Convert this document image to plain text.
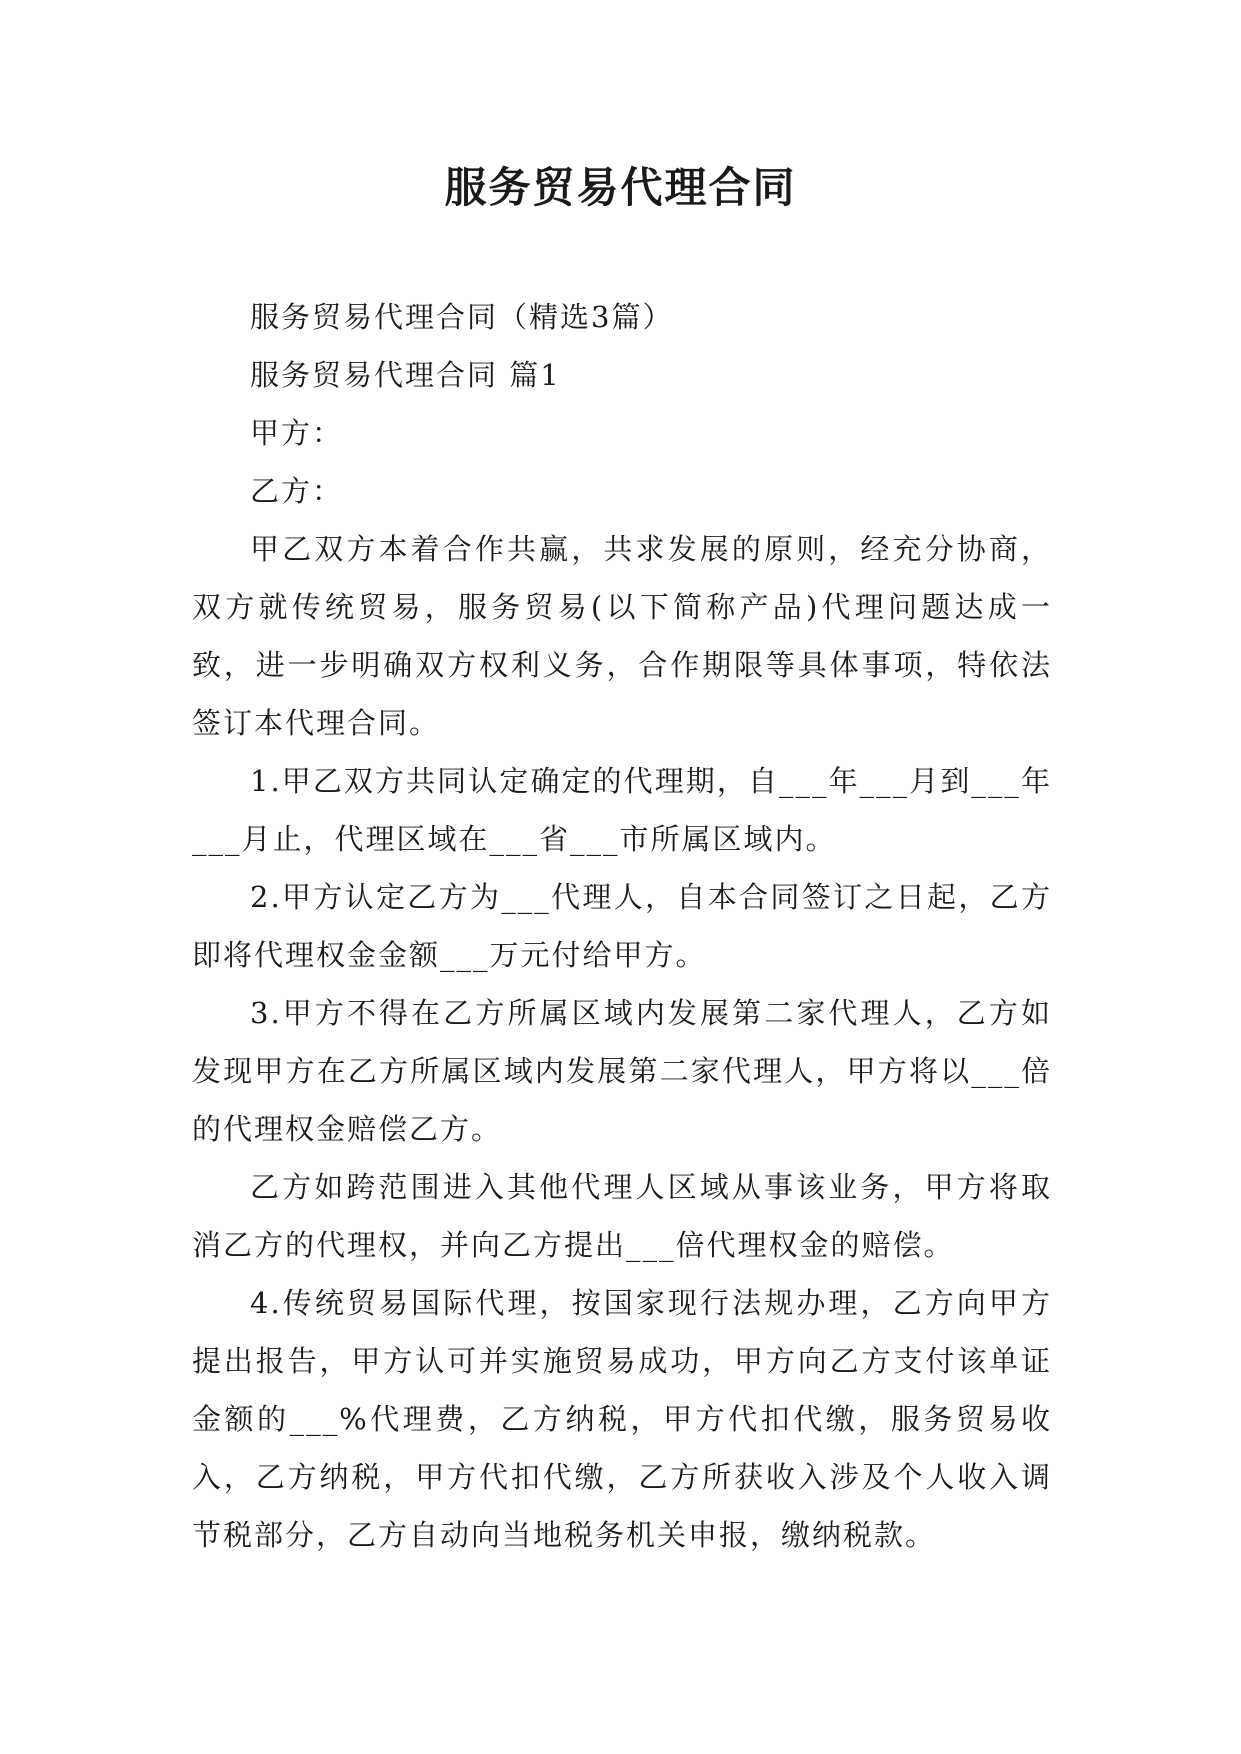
服务贸易代理合同

服务贸易代理合同（精选3篇）

服务贸易代理合同 篇1

甲方：

乙方：

甲乙双方本着合作共赢，共求发展的原则，经充分协商，双方就传统贸易，服务贸易(以下简称产品)代理问题达成一致，进一步明确双方权利义务，合作期限等具体事项，特依法签订本代理合同。

1.甲乙双方共同认定确定的代理期，自___年___月到___年___月止，代理区域在___省___市所属区域内。

2.甲方认定乙方为___代理人，自本合同签订之日起，乙方即将代理权金金额___万元付给甲方。

3.甲方不得在乙方所属区域内发展第二家代理人，乙方如发现甲方在乙方所属区域内发展第二家代理人，甲方将以___倍的代理权金赔偿乙方。

乙方如跨范围进入其他代理人区域从事该业务，甲方将取消乙方的代理权，并向乙方提出___倍代理权金的赔偿。

4.传统贸易国际代理，按国家现行法规办理，乙方向甲方提出报告，甲方认可并实施贸易成功，甲方向乙方支付该单证金额的___%代理费，乙方纳税，甲方代扣代缴，服务贸易收入，乙方纳税，甲方代扣代缴，乙方所获收入涉及个人收入调节税部分，乙方自动向当地税务机关申报，缴纳税款。
